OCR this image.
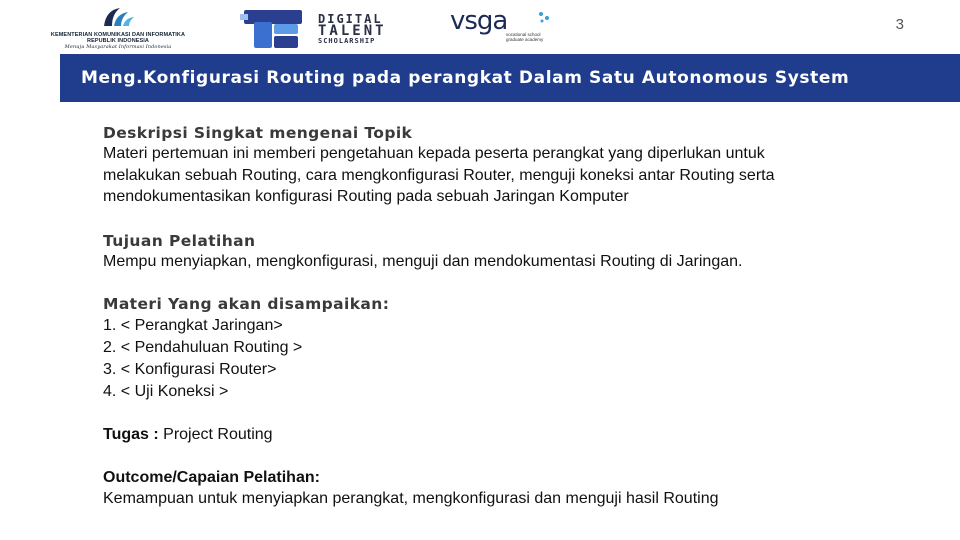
KEMENTERIAN KOMUNIKASI DAN INFORMATIKA
REPUBLIK INDONESIA
Menuju Masyarakat Informasi Indonesia
DIGITAL
TALENT
SCHOLARSHIP
vsga
vocational school graduate academy
3
Meng.Konfigurasi Routing pada perangkat Dalam Satu Autonomous System

Deskripsi Singkat mengenai Topik

Materi pertemuan ini memberi pengetahuan kepada peserta perangkat yang diperlukan untuk

melakukan sebuah Routing, cara mengkonfigurasi Router, menguji koneksi antar Routing serta

mendokumentasikan konfigurasi Routing pada sebuah Jaringan Komputer

Tujuan Pelatihan

Mempu menyiapkan, mengkonfigurasi, menguji dan mendokumentasi Routing di Jaringan.

Materi Yang akan disampaikan:

1. < Perangkat Jaringan>
2. < Pendahuluan Routing >
3. < Konfigurasi Router>
4. < Uji Koneksi >

Tugas : Project Routing

Outcome/Capaian Pelatihan:

Kemampuan untuk menyiapkan perangkat, mengkonfigurasi dan menguji hasil Routing
